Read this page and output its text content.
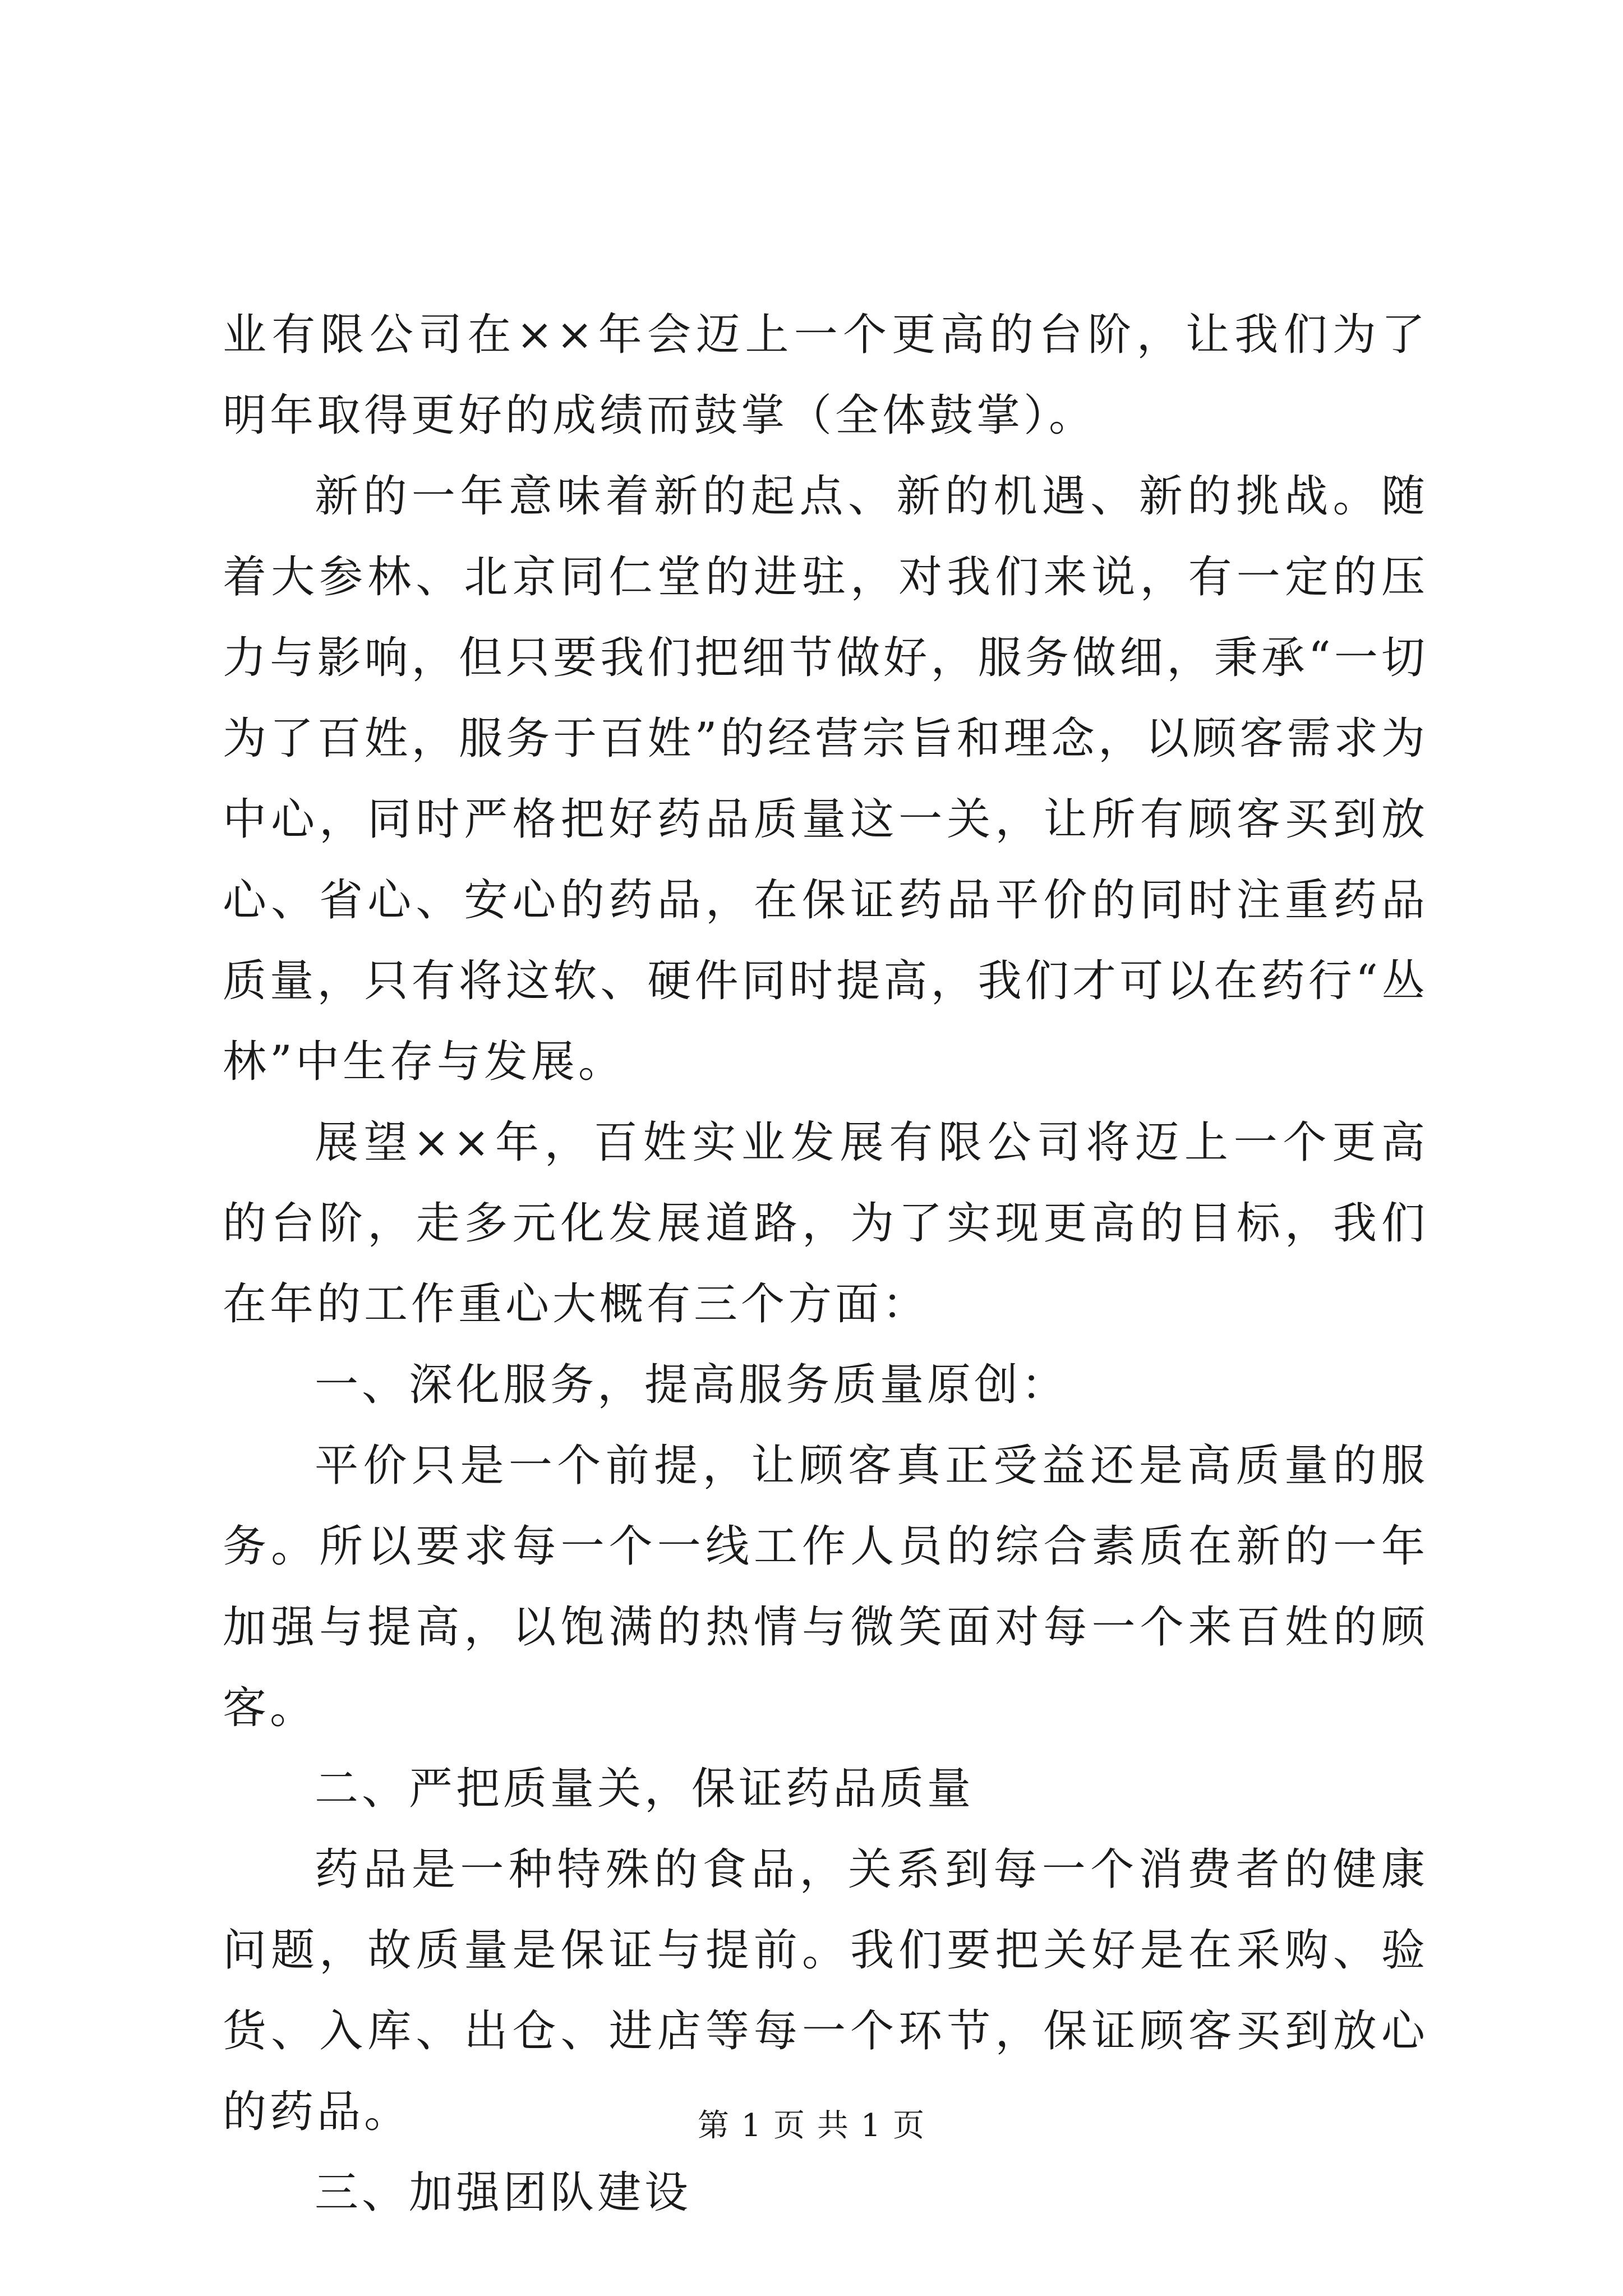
业有限公司在××年会迈上一个更高的台阶，让我们为了明年取得更好的成绩而鼓掌（全体鼓掌）。

新的一年意味着新的起点、新的机遇、新的挑战。随着大参林、北京同仁堂的进驻，对我们来说，有一定的压力与影响，但只要我们把细节做好，服务做细，秉承“一切为了百姓，服务于百姓”的经营宗旨和理念，以顾客需求为中心，同时严格把好药品质量这一关，让所有顾客买到放心、省心、安心的药品，在保证药品平价的同时注重药品质量，只有将这软、硬件同时提高，我们才可以在药行“丛林”中生存与发展。

展望××年，百姓实业发展有限公司将迈上一个更高的台阶，走多元化发展道路，为了实现更高的目标，我们在年的工作重心大概有三个方面：

一、深化服务，提高服务质量原创：

平价只是一个前提，让顾客真正受益还是高质量的服务。所以要求每一个一线工作人员的综合素质在新的一年加强与提高，以饱满的热情与微笑面对每一个来百姓的顾客。

二、严把质量关，保证药品质量

药品是一种特殊的食品，关系到每一个消费者的健康问题，故质量是保证与提前。我们要把关好是在采购、验货、入库、出仓、进店等每一个环节，保证顾客买到放心的药品。

三、加强团队建设

第 1 页 共 1 页
